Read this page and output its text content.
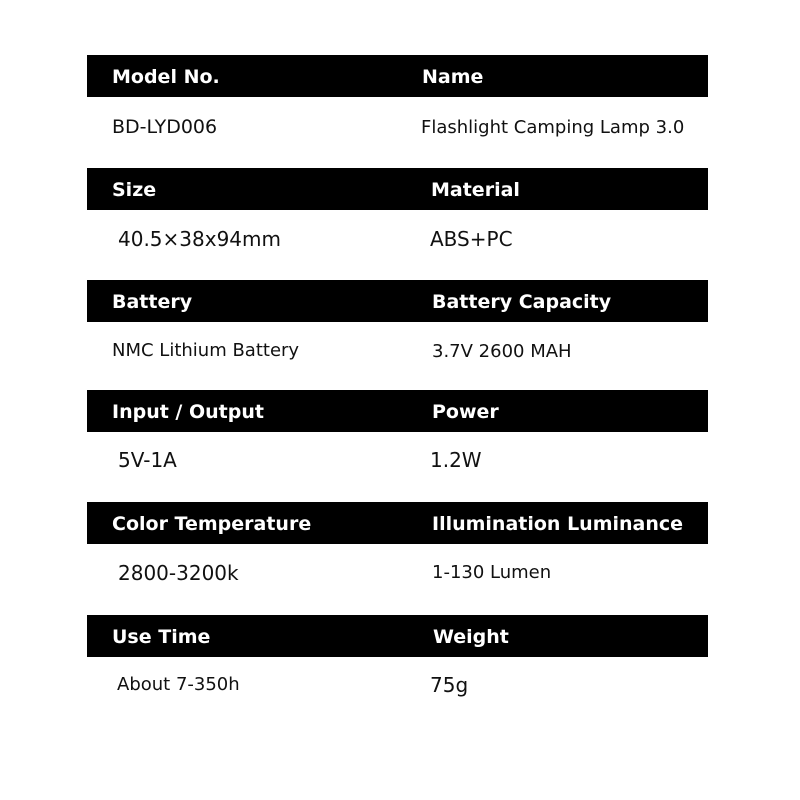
Model No.	Name
BD-LYD006	Flashlight Camping Lamp 3.0
Size	Material
40.5×38x94mm	ABS+PC
Battery	Battery Capacity
NMC Lithium Battery	3.7V 2600 MAH
Input / Output	Power
5V-1A	1.2W
Color Temperature	Illumination Luminance
2800-3200k	1-130 Lumen
Use Time	Weight
About 7-350h	75g
